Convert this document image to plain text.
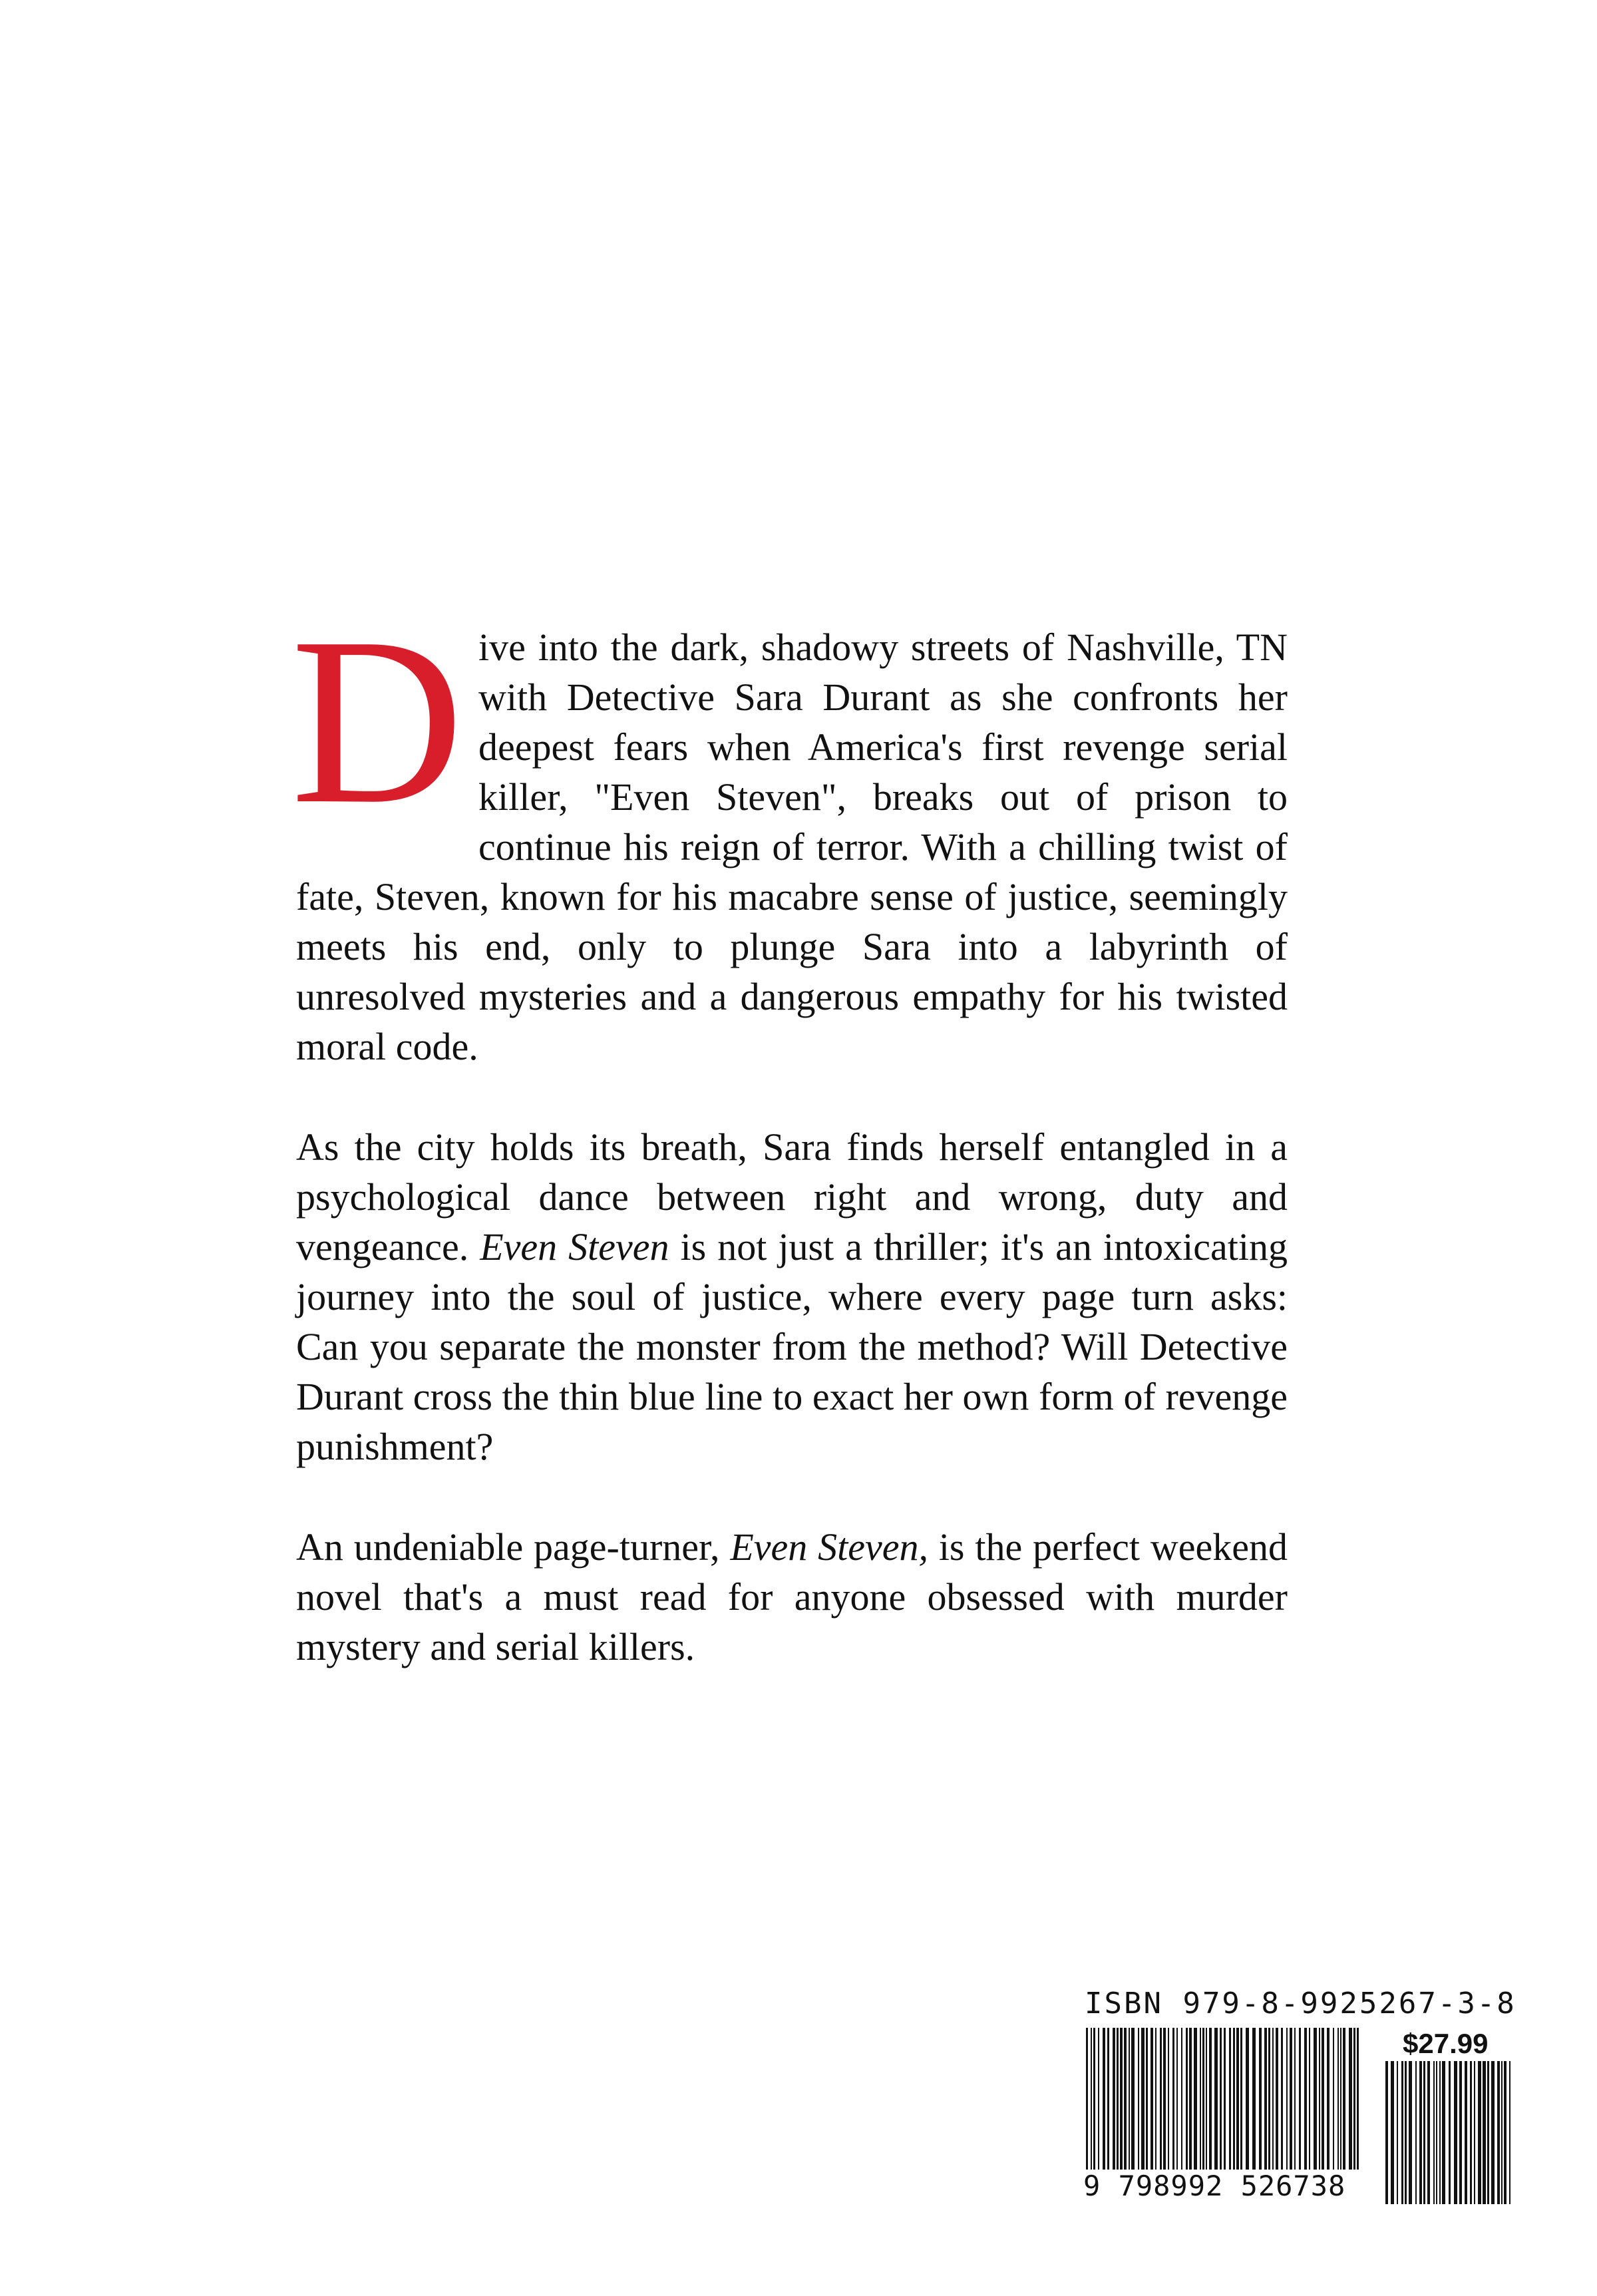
Dive into the dark, shadowy streets of Nashville, TN with Detective Sara Durant as she confronts her deepest fears when America's first revenge serial killer, "Even Steven", breaks out of prison to continue his reign of terror. With a chilling twist of fate, Steven, known for his macabre sense of justice, seemingly meets his end, only to plunge Sara into a labyrinth of unresolved mysteries and a dangerous empathy for his twisted moral code.

As the city holds its breath, Sara finds herself entangled in a psychological dance between right and wrong, duty and vengeance. Even Steven is not just a thriller; it's an intoxicating journey into the soul of justice, where every page turn asks: Can you separate the monster from the method? Will Detective Durant cross the thin blue line to exact her own form of revenge punishment?

An undeniable page-turner, Even Steven, is the perfect weekend novel that's a must read for anyone obsessed with murder mystery and serial killers.

ISBN 979-8-9925267-3-8
$27.99
9 798992 526738
